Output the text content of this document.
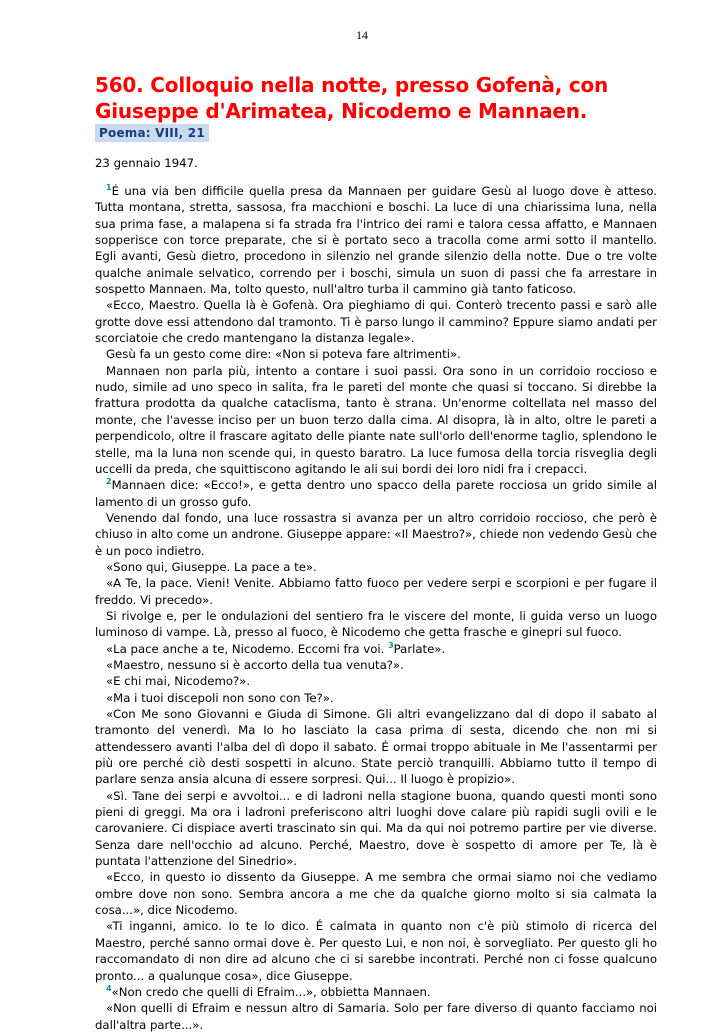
14
560. Colloquio nella notte, presso Gofenà, con Giuseppe d'Arimatea, Nicodemo e Mannaen.
Poema: VIII, 21
23 gennaio 1947.

$^1$É una via ben difficile quella presa da Mannaen per guidare Gesù al luogo dove è atteso. Tutta montana, stretta, sassosa, fra macchioni e boschi. La luce di una chiarissima luna, nella sua prima fase, a malapena si fa strada fra l'intrico dei rami e talora cessa affatto, e Mannaen sopperisce con torce preparate, che si è portato seco a tracolla come armi sotto il mantello. Egli avanti, Gesù dietro, procedono in silenzio nel grande silenzio della notte. Due o tre volte qualche animale selvatico, correndo per i boschi, simula un suon di passi che fa arrestare in sospetto Mannaen. Ma, tolto questo, null'altro turba il cammino già tanto faticoso.

«Ecco, Maestro. Quella là è Gofenà. Ora pieghiamo di qui. Conterò trecento passi e sarò alle grotte dove essi attendono dal tramonto. Ti è parso lungo il cammino? Eppure siamo andati per scorciatoie che credo mantengano la distanza legale».

Gesù fa un gesto come dire: «Non si poteva fare altrimenti».

Mannaen non parla più, intento a contare i suoi passi. Ora sono in un corridoio roccioso e nudo, simile ad uno speco in salita, fra le pareti del monte che quasi si toccano. Si direbbe la frattura prodotta da qualche cataclisma, tanto è strana. Un'enorme coltellata nel masso del monte, che l'avesse inciso per un buon terzo dalla cima. Al disopra, là in alto, oltre le pareti a perpendicolo, oltre il frascare agitato delle piante nate sull'orlo dell'enorme taglio, splendono le stelle, ma la luna non scende qui, in questo baratro. La luce fumosa della torcia risveglia degli uccelli da preda, che squittiscono agitando le ali sui bordi dei loro nidi fra i crepacci.

$^2$Mannaen dice: «Ecco!», e getta dentro uno spacco della parete rocciosa un grido simile al lamento di un grosso gufo.

Venendo dal fondo, una luce rossastra si avanza per un altro corridoio roccioso, che però è chiuso in alto come un androne. Giuseppe appare: «Il Maestro?», chiede non vedendo Gesù che è un poco indietro.

«Sono qui, Giuseppe. La pace a te».

«A Te, la pace. Vieni! Venite. Abbiamo fatto fuoco per vedere serpi e scorpioni e per fugare il freddo. Vi precedo».

Si rivolge e, per le ondulazioni del sentiero fra le viscere del monte, li guida verso un luogo luminoso di vampe. Là, presso al fuoco, è Nicodemo che getta frasche e ginepri sul fuoco.

«La pace anche a te, Nicodemo. Eccomi fra voi. $^3$Parlate».

«Maestro, nessuno si è accorto della tua venuta?».

«E chi mai, Nicodemo?».

«Ma i tuoi discepoli non sono con Te?».

«Con Me sono Giovanni e Giuda di Simone. Gli altri evangelizzano dal di dopo il sabato al tramonto del venerdì. Ma Io ho lasciato la casa prima di sesta, dicendo che non mi si attendessero avanti l'alba del dì dopo il sabato. É ormai troppo abituale in Me l'assentarmi per più ore perché ciò desti sospetti in alcuno. State perciò tranquilli. Abbiamo tutto il tempo di parlare senza ansia alcuna di essere sorpresi. Qui... Il luogo è propizio».

«Sì. Tane dei serpi e avvoltoi... e di ladroni nella stagione buona, quando questi monti sono pieni di greggi. Ma ora i ladroni preferiscono altri luoghi dove calare più rapidi sugli ovili e le carovaniere. Ci dispiace averti trascinato sin qui. Ma da qui noi potremo partire per vie diverse. Senza dare nell'occhio ad alcuno. Perché, Maestro, dove è sospetto di amore per Te, là è puntata l'attenzione del Sinedrio».

«Ecco, in questo io dissento da Giuseppe. A me sembra che ormai siamo noi che vediamo ombre dove non sono. Sembra ancora a me che da qualche giorno molto si sia calmata la cosa...», dice Nicodemo.

«Ti inganni, amico. Io te lo dico. É calmata in quanto non c'è più stimolo di ricerca del Maestro, perché sanno ormai dove è. Per questo Lui, e non noi, è sorvegliato. Per questo gli ho raccomandato di non dire ad alcuno che ci si sarebbe incontrati. Perché non ci fosse qualcuno pronto... a qualunque cosa», dice Giuseppe.

$^4$«Non credo che quelli di Efraim...», obbietta Mannaen.

«Non quelli di Efraim e nessun altro di Samaria. Solo per fare diverso di quanto facciamo noi dall'altra parte...».
